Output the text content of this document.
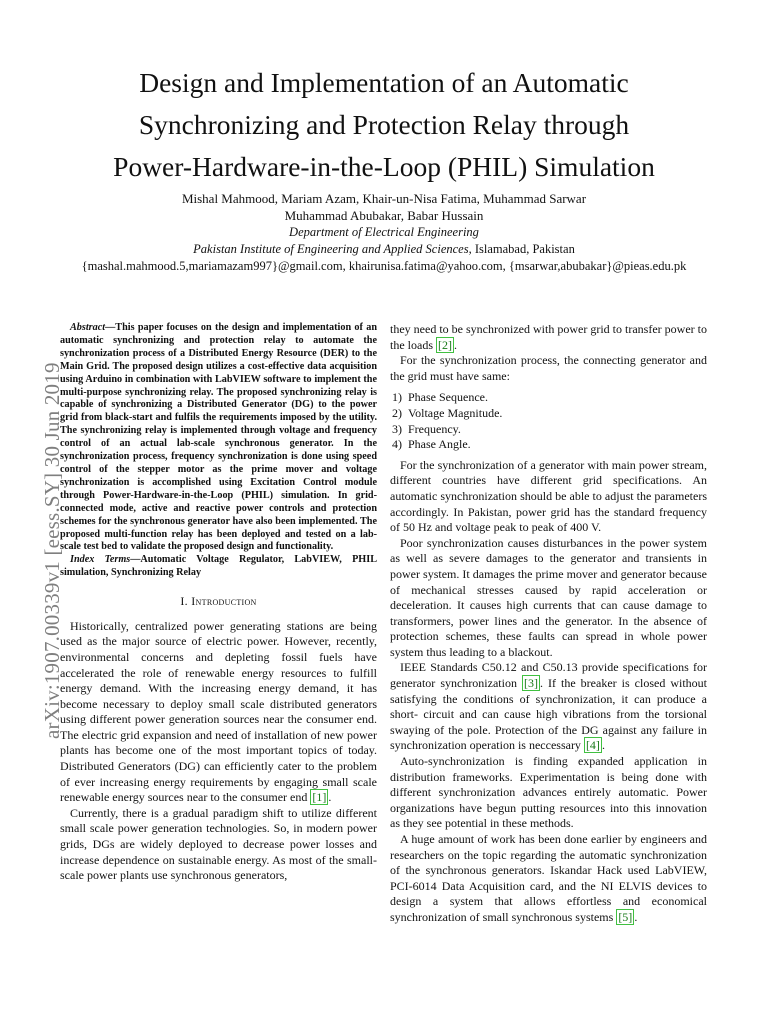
arXiv:1907.00339v1 [eess.SY] 30 Jun 2019
Design and Implementation of an Automatic
Synchronizing and Protection Relay through
Power-Hardware-in-the-Loop (PHIL) Simulation
Mishal Mahmood, Mariam Azam, Khair-un-Nisa Fatima, Muhammad Sarwar
Muhammad Abubakar, Babar Hussain
Department of Electrical Engineering
Pakistan Institute of Engineering and Applied Sciences, Islamabad, Pakistan
{mashal.mahmood.5,mariamazam997}@gmail.com, khairunisa.fatima@yahoo.com, {msarwar,abubakar}@pieas.edu.pk

Abstract—This paper focuses on the design and implementation of an automatic synchronizing and protection relay to automate the synchronization process of a Distributed Energy Resource (DER) to the Main Grid. The proposed design utilizes a cost-effective data acquisition using Arduino in combination with LabVIEW software to implement the multi-purpose synchronizing relay. The proposed synchronizing relay is capable of synchronizing a Distributed Generator (DG) to the power grid from black-start and fulfils the requirements imposed by the utility. The synchronizing relay is implemented through voltage and frequency control of an actual lab-scale synchronous generator. In the synchronization process, frequency synchronization is done using speed control of the stepper motor as the prime mover and voltage synchronization is accomplished using Excitation Control module through Power-Hardware-in-the-Loop (PHIL) simulation. In grid-connected mode, active and reactive power controls and protection schemes for the synchronous generator have also been implemented. The proposed multi-function relay has been deployed and tested on a lab-scale test bed to validate the proposed design and functionality.

Index Terms—Automatic Voltage Regulator, LabVIEW, PHIL simulation, Synchronizing Relay

I. Introduction

Historically, centralized power generating stations are being used as the major source of electric power. However, recently, environmental concerns and depleting fossil fuels have accelerated the role of renewable energy resources to fulfill energy demand. With the increasing energy demand, it has become necessary to deploy small scale distributed generators using different power generation sources near the consumer end. The electric grid expansion and need of installation of new power plants has become one of the most important topics of today. Distributed Generators (DG) can efficiently cater to the problem of ever increasing energy requirements by engaging small scale renewable energy sources near to the consumer end [1] .

Currently, there is a gradual paradigm shift to utilize different small scale power generation technologies. So, in modern power grids, DGs are widely deployed to decrease power losses and increase dependence on sustainable energy. As most of the small-scale power plants use synchronous generators,

they need to be synchronized with power grid to transfer power to the loads [2] .

For the synchronization process, the connecting generator and the grid must have same:

1) Phase Sequence.
2) Voltage Magnitude.
3) Frequency.
4) Phase Angle.

For the synchronization of a generator with main power stream, different countries have different grid specifications. An automatic synchronization should be able to adjust the parameters accordingly. In Pakistan, power grid has the standard frequency of 50 Hz and voltage peak to peak of 400 V.

Poor synchronization causes disturbances in the power system as well as severe damages to the generator and transients in power system. It damages the prime mover and generator because of mechanical stresses caused by rapid acceleration or deceleration. It causes high currents that can cause damage to transformers, power lines and the generator. In the absence of protection schemes, these faults can spread in whole power system thus leading to a blackout.

IEEE Standards C50.12 and C50.13 provide specifications for generator synchronization [3] . If the breaker is closed without satisfying the conditions of synchronization, it can produce a short- circuit and can cause high vibrations from the torsional swaying of the pole. Protection of the DG against any failure in synchronization operation is neccessary [4] .

Auto-synchronization is finding expanded application in distribution frameworks. Experimentation is being done with different synchronization advances entirely automatic. Power organizations have begun putting resources into this innovation as they see potential in these methods.

A huge amount of work has been done earlier by engineers and researchers on the topic regarding the automatic synchronization of the synchronous generators. Iskandar Hack used LabVIEW, PCI-6014 Data Acquisition card, and the NI ELVIS devices to design a system that allows effortless and economical synchronization of small synchronous systems [5] .
